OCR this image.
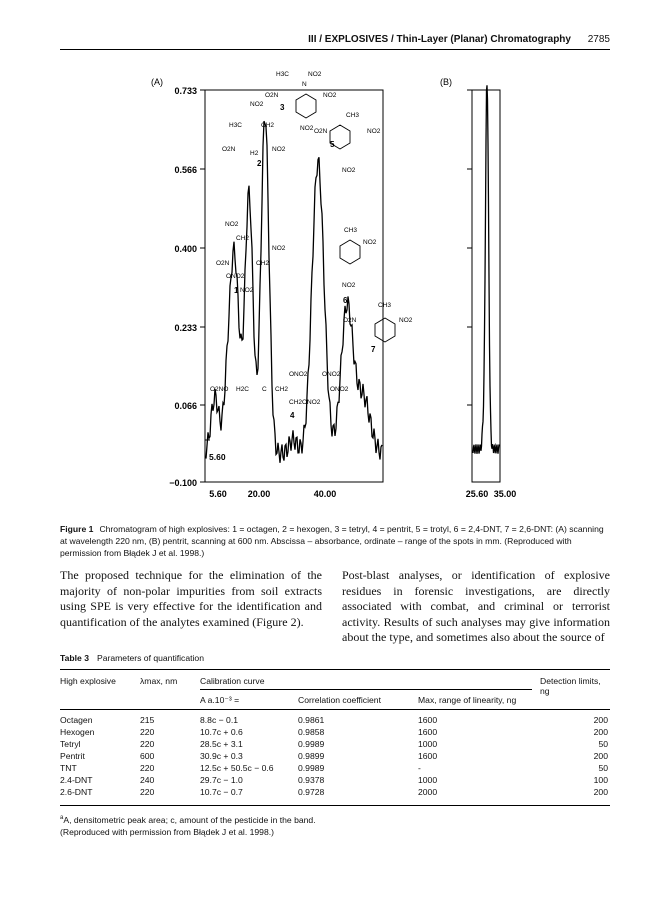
III / EXPLOSIVES / Thin-Layer (Planar) Chromatography 2785
(A)	(B)
0.733
0.566
0.400
0.233
0.066
−0.100
5.60 20.00	40.00	25.60 35.00
5.60
H3C	NO2
N
O2N	NO2
NO2
NO2
H3C	CH2
O2N	NO2
H2
CH3
O2N	NO2
NO2
NO2
CH2
NO2
O2N	CH2
ONO2
NO2
CH3
NO2
NO2
CH3
O2N	NO2
ONO2 ONO2
O2NO H2C C CH2	ONO2
CH2ONO2
1
2
3
4
5
6
7
Figure 1 Chromatogram of high explosives: 1 = octagen, 2 = hexogen, 3 = tetryl, 4 = pentrit, 5 = trotyl, 6 = 2,4-DNT, 7 = 2,6-DNT: (A) scanning at wavelength 220 nm, (B) pentrit, scanning at 600 nm. Abscissa – absorbance, ordinate – range of the spots in mm. (Reproduced with permission from Błądek J et al. 1998.)
The proposed technique for the elimination of the majority of non-polar impurities from soil extracts using SPE is very effective for the identification and quantification of the analytes examined (Figure 2).
Post-blast analyses, or identification of explosive residues in forensic investigations, are directly associated with combat, and criminal or terrorist activity. Results of such analyses may give information about the type, and sometimes also about the source of
Table 3 Parameters of quantification
High explosive	λmax, nm	Calibration curve			Detection limits, ng
		A a.10⁻³ =	Correlation coefficient	Max, range of linearity, ng	

Octagen	215	8.8c − 0.1	0.9861	1600	200
Hexogen	220	10.7c + 0.6	0.9858	1600	200
Tetryl	220	28.5c + 3.1	0.9989	1000	50
Pentrit	600	30.9c + 0.3	0.9899	1600	200
TNT	220	12.5c + 50.5c − 0.6	0.9989	-	50
2.4-DNT	240	29.7c − 1.0	0.9378	1000	100
2.6-DNT	220	10.7c − 0.7	0.9728	2000	200

$^a$A, densitometric peak area; c, amount of the pesticide in the band.
(Reproduced with permission from Błądek J et al. 1998.)
